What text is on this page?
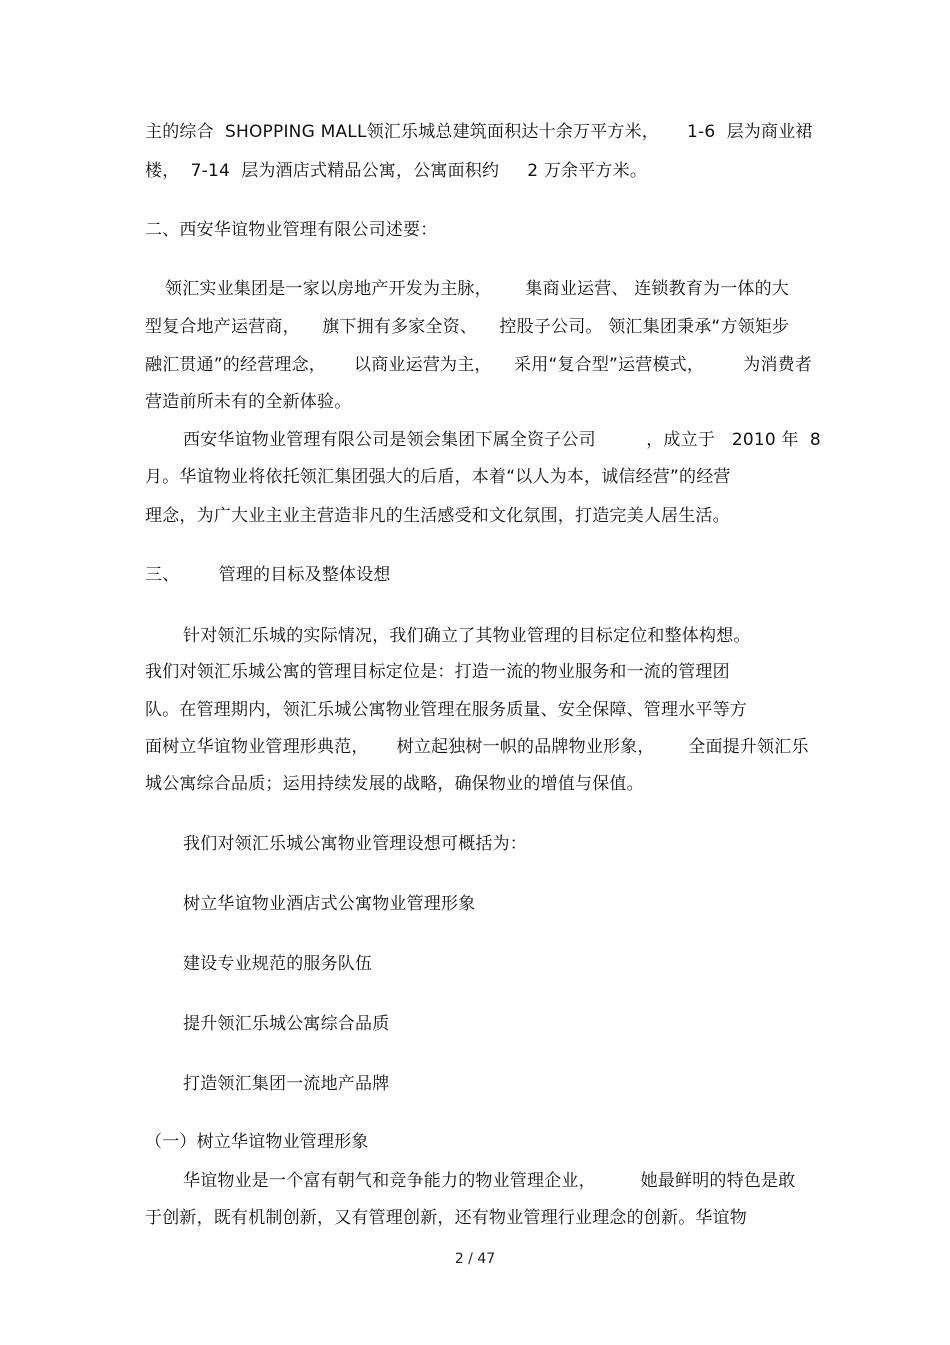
主的综合  SHOPPING MALL领汇乐城总建筑面积达十余万平方米，     1-6  层为商业裙
楼，  7-14  层为酒店式精品公寓，公寓面积约     2 万余平方米。
二、西安华谊物业管理有限公司述要：
领汇实业集团是一家以房地产开发为主脉，      集商业运营、 连锁教育为一体的大
型复合地产运营商，    旗下拥有多家全资、    控股子公司。 领汇集团秉承“方领矩步
融汇贯通”的经营理念，     以商业运营为主，    采用“复合型”运营模式，       为消费者
营造前所未有的全新体验。
西安华谊物业管理有限公司是领会集团下属全资子公司         ，成立于   2010 年  8
月。华谊物业将依托领汇集团强大的后盾，本着“以人为本，诚信经营”的经营
理念，为广大业主业主营造非凡的生活感受和文化氛围，打造完美人居生活。
三、       管理的目标及整体设想
针对领汇乐城的实际情况，我们确立了其物业管理的目标定位和整体构想。
我们对领汇乐城公寓的管理目标定位是：打造一流的物业服务和一流的管理团
队。在管理期内，领汇乐城公寓物业管理在服务质量、安全保障、管理水平等方
面树立华谊物业管理形典范，     树立起独树一帜的品牌物业形象，      全面提升领汇乐
城公寓综合品质；运用持续发展的战略，确保物业的增值与保值。
我们对领汇乐城公寓物业管理设想可概括为：
树立华谊物业酒店式公寓物业管理形象
建设专业规范的服务队伍
提升领汇乐城公寓综合品质
打造领汇集团一流地产品牌
（一）树立华谊物业管理形象
华谊物业是一个富有朝气和竞争能力的物业管理企业，        她最鲜明的特色是敢
于创新，既有机制创新，又有管理创新，还有物业管理行业理念的创新。华谊物
2 / 47
